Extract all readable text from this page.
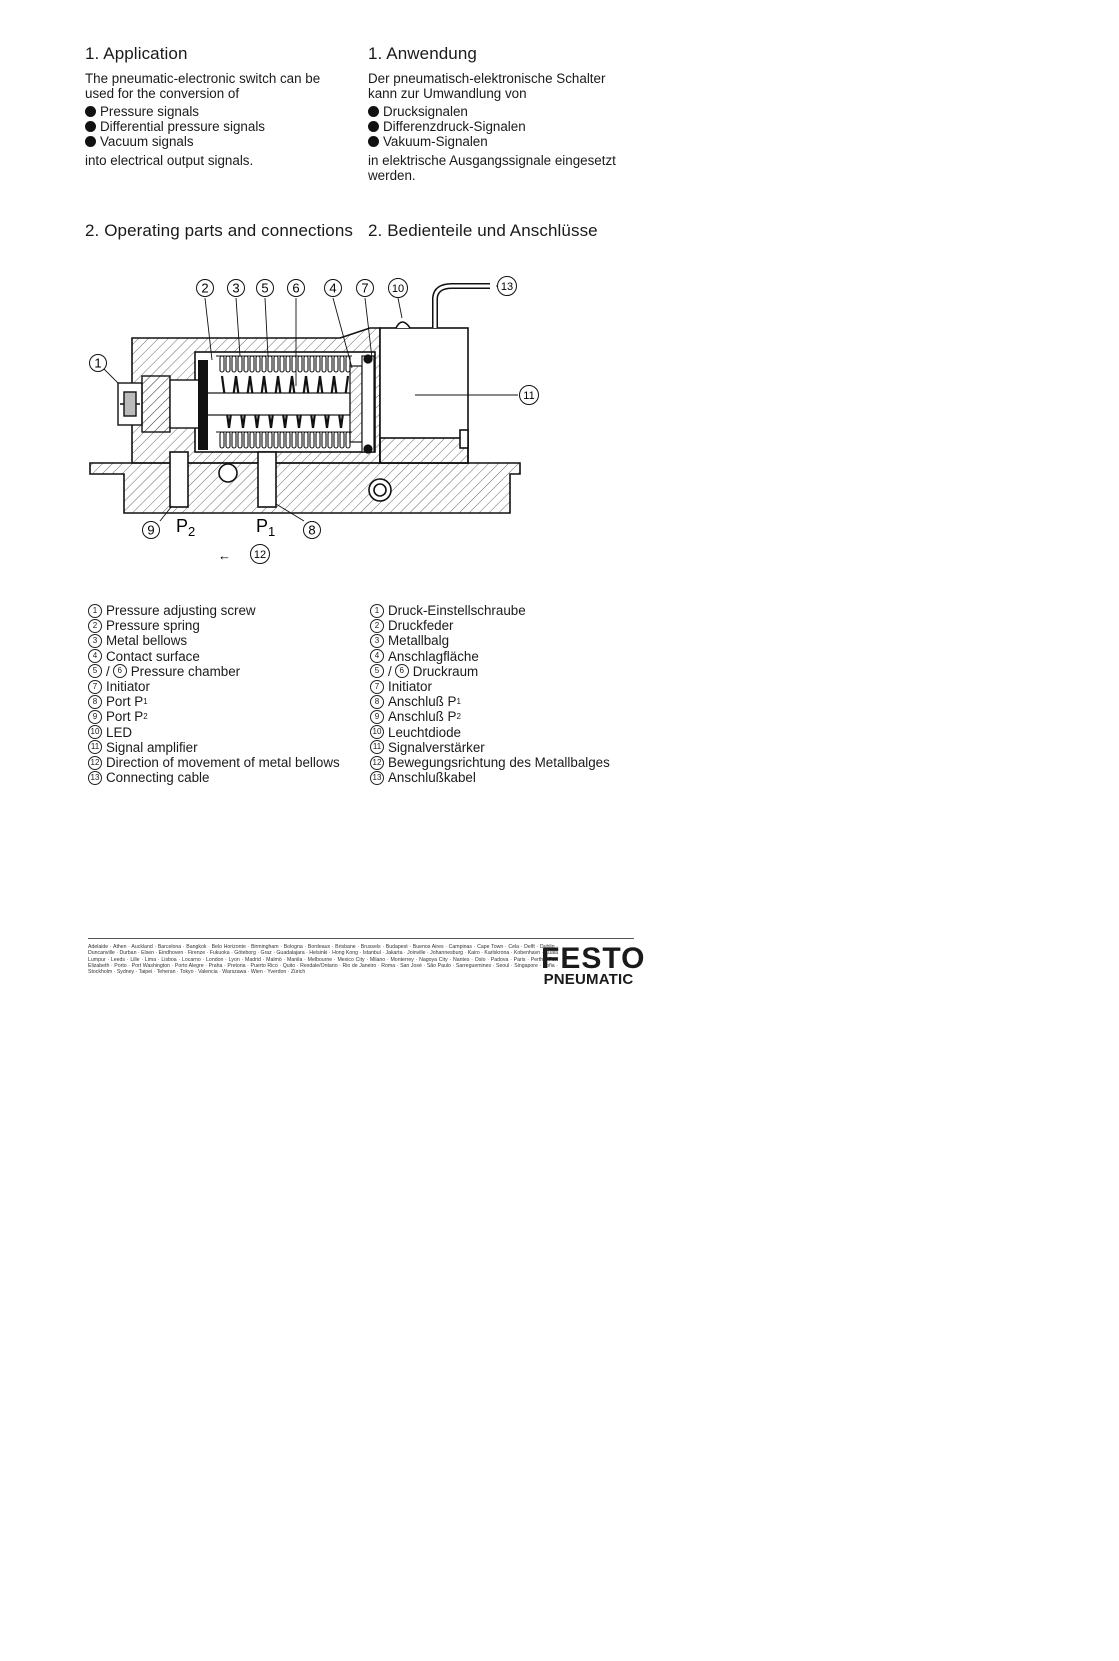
1. Application
The pneumatic-electronic switch can be used for the conversion of
Pressure signals
Differential pressure signals
Vacuum signals
into electrical output signals.
1. Anwendung
Der pneumatisch-elektronische Schalter kann zur Umwandlung von
Drucksignalen
Differenzdruck-Signalen
Vakuum-Signalen
in elektrische Ausgangssignale eingesetzt werden.
2. Operating parts and connections 2. Bedienteile und Anschlüsse
1
2 3 5 6 4 7 10	13
11
9	8
12
$P_2$	$P_1$
←
1 Pressure adjusting screw
2 Pressure spring
3 Metal bellows
4 Contact surface
5 / 6 Pressure chamber
7 Initiator
8 Port P 1
9 Port P 2
10 LED
11 Signal amplifier
12 Direction of movement of metal bellows
13 Connecting cable
1 Druck-Einstellschraube
2 Druckfeder
3 Metallbalg
4 Anschlagfläche
5 / 6 Druckraum
7 Initiator
8 Anschluß P 1
9 Anschluß P 2
10 Leuchtdiode
11 Signalverstärker
12 Bewegungsrichtung des Metallbalges
13 Anschlußkabel
Adelaide · Athen · Auckland · Barcelona · Bangkok · Belo Horizonte · Birmingham · Bologna · Bordeaux · Brisbane · Brussels · Budapest · Buenos Aires · Campinas · Cape Town · Cela · Delft · Dublin · Duncanville · Durban · Elsen · Eindhoven · Firenze · Fukuoka · Göteborg · Graz · Guadalajara · Helsinki · Hong Kong · Istanbul · Jakarta · Joinville · Johannesburg · Kairo · Karlskrona · Kobenhavn · Kuala Lumpur · Leeds · Lille · Lima · Lisboa · Locarno · London · Lyon · Madrid · Malmö · Manila · Melbourne · Mexico City · Milano · Monterrey · Nagoya City · Nantes · Oslo · Padova · Paris · Perth · Port Elizabeth · Porto · Port Washington · Porto Alegre · Praha · Pretoria · Puerto Rico · Quito · Rexdale/Ontario · Rio de Janeiro · Roma · San José · São Paulo · Sarreguemines · Seoul · Singapore · Sofia · Stockholm · Sydney · Taipei · Teheran · Tokyo · Valencia · Warszawa · Wien · Yverdon · Zürich	FESTO
PNEUMATIC
